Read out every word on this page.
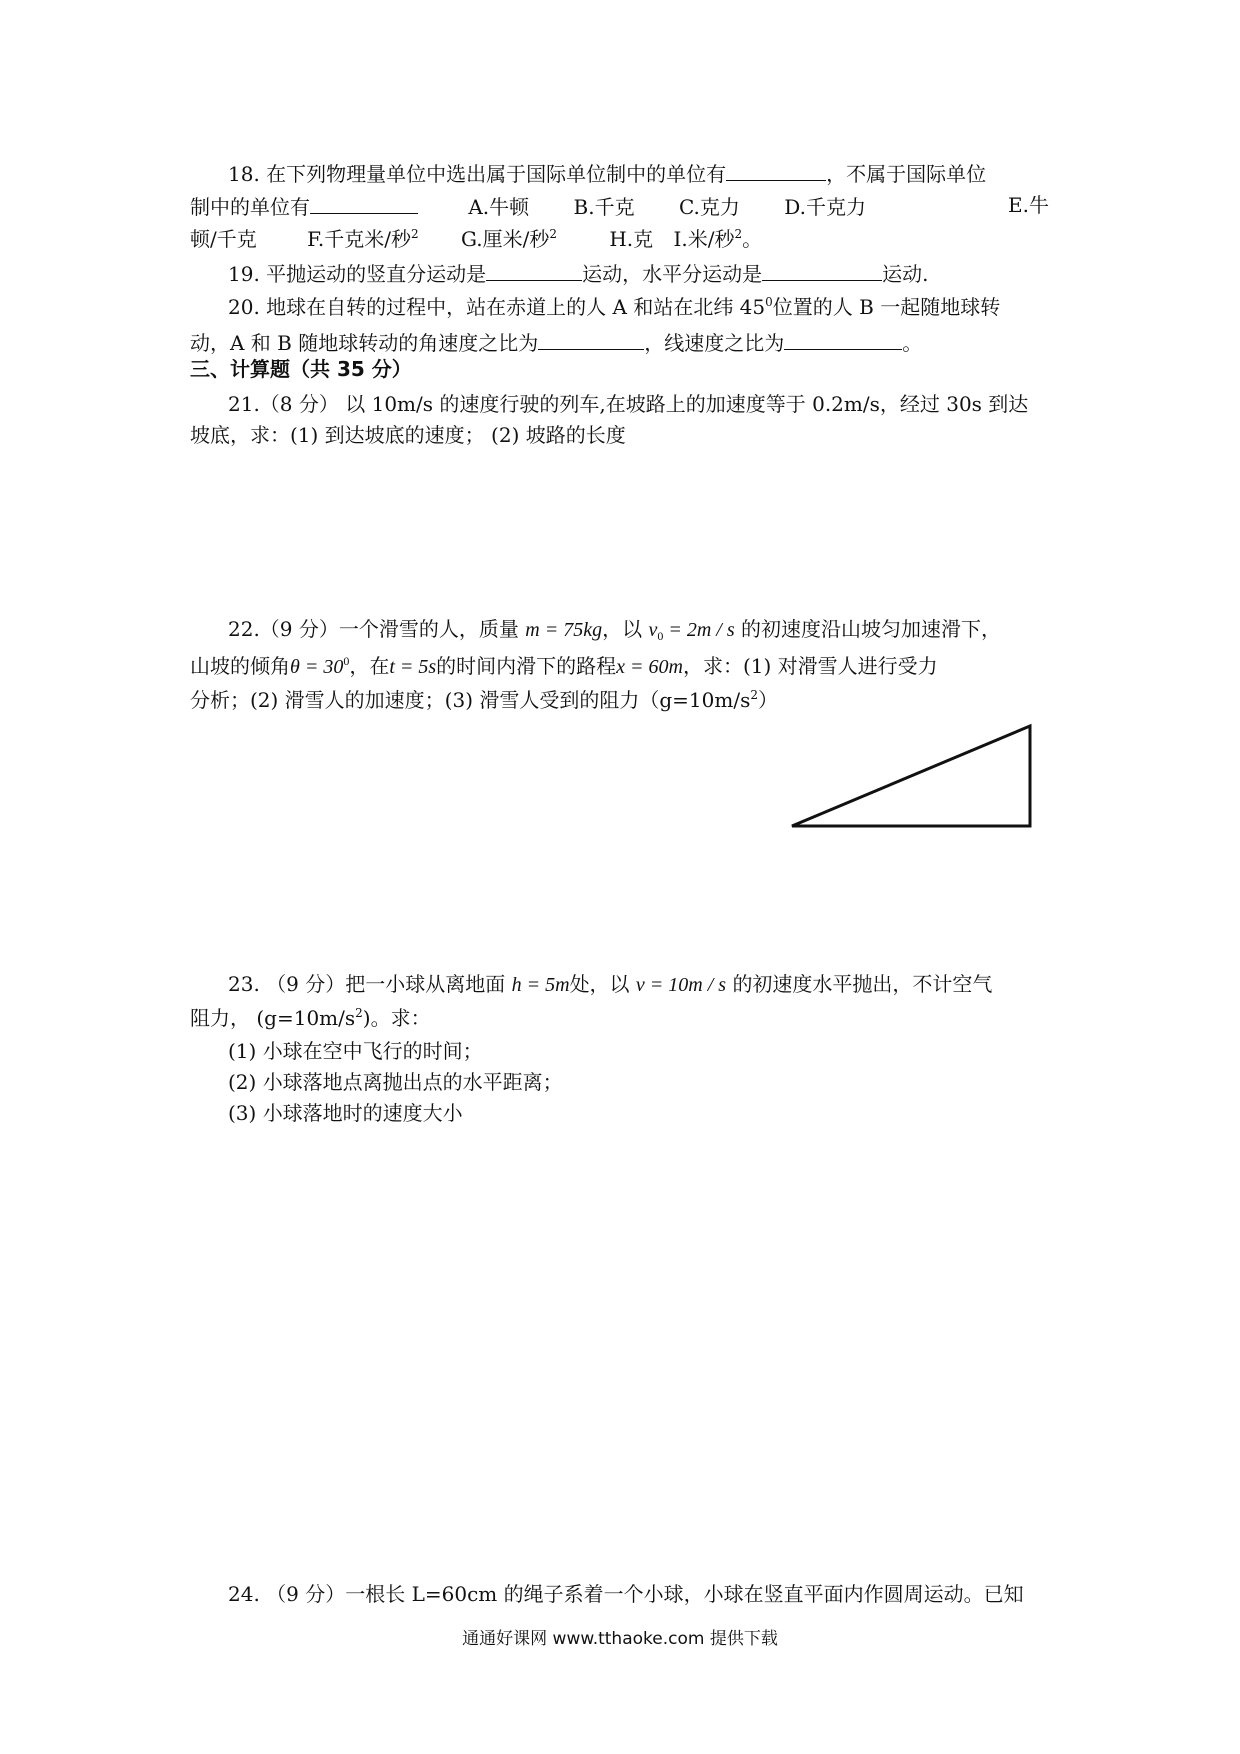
18. 在下列物理量单位中选出属于国际单位制中的单位有	，不属于国际单位
制中的单位有	A.牛顿 B.千克 C.克力 D.千克力	E.牛
顿/千克	F.千克米/秒$^2$ G.厘米/秒$^2$	H.克 I.米/秒$^2$。
19. 平抛运动的竖直分运动是	运动，水平分运动是	运动.
20. 地球在自转的过程中，站在赤道上的人 A 和站在北纬 $45^0$位置的人 B 一起随地球转
动，A 和 B 随地球转动的角速度之比为	，线速度之比为	。
三、计算题（共 35 分）
21.（8 分） 以 10m/s 的速度行驶的列车,在坡路上的加速度等于 0.2m/s，经过 30s 到达
坡底，求：(1) 到达坡底的速度； (2) 坡路的长度
22.（9 分）一个滑雪的人，质量 m = 75kg，以 $v_0 = 2m / s$ 的初速度沿山坡匀加速滑下，
山坡的倾角$\theta = 30^0$，在t = 5s的时间内滑下的路程x = 60m，求：(1) 对滑雪人进行受力
分析；(2) 滑雪人的加速度；(3) 滑雪人受到的阻力$(g=10m/s^2)$
23. （9 分）把一小球从离地面 h = 5m处，以 v = 10m / s 的初速度水平抛出，不计空气
阻力， $(g=10m/s^2)$。求：
(1) 小球在空中飞行的时间；
(2) 小球落地点离抛出点的水平距离；
(3) 小球落地时的速度大小
24. （9 分）一根长 L=60cm 的绳子系着一个小球，小球在竖直平面内作圆周运动。已知
通通好课网 www.tthaoke.com 提供下载
